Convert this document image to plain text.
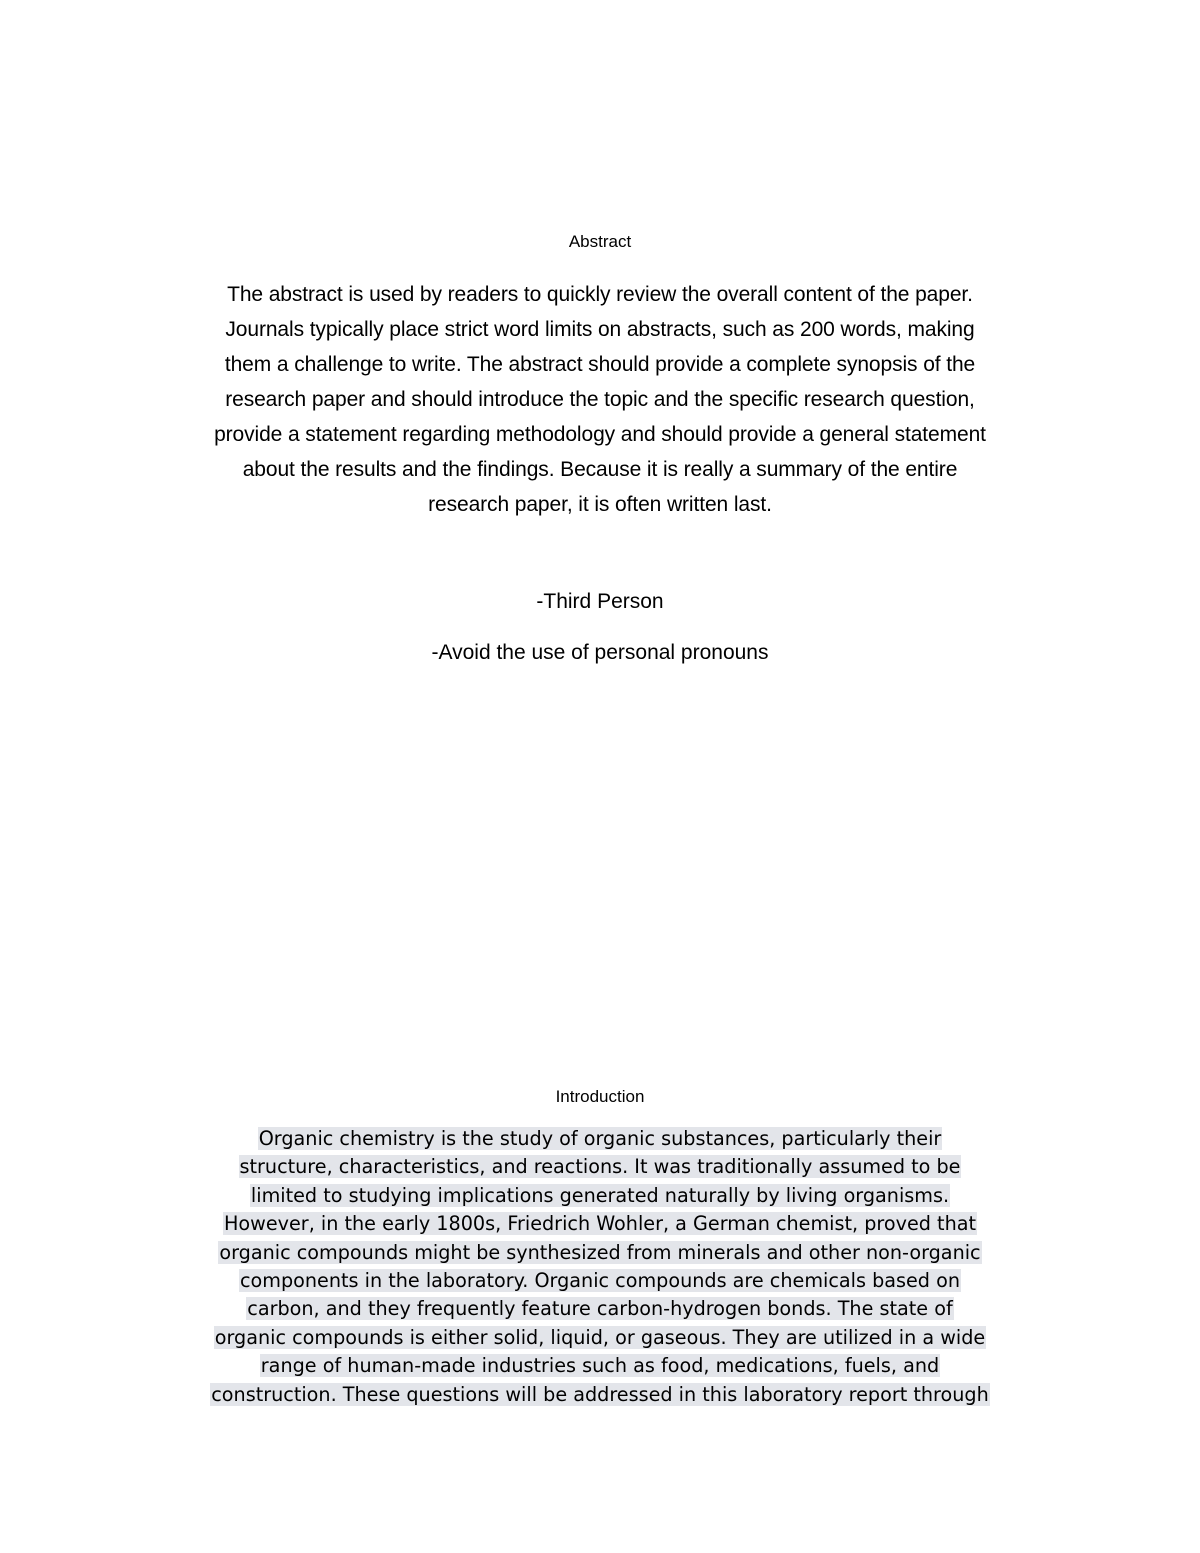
Abstract
The abstract is used by readers to quickly review the overall content of the paper.
Journals typically place strict word limits on abstracts, such as 200 words, making
them a challenge to write. The abstract should provide a complete synopsis of the
research paper and should introduce the topic and the specific research question,
provide a statement regarding methodology and should provide a general statement
about the results and the findings. Because it is really a summary of the entire
research paper, it is often written last.
-Third Person
-Avoid the use of personal pronouns
Introduction
Organic chemistry is the study of organic substances, particularly their
structure, characteristics, and reactions. It was traditionally assumed to be
limited to studying implications generated naturally by living organisms.
However, in the early 1800s, Friedrich Wohler, a German chemist, proved that
organic compounds might be synthesized from minerals and other non-organic
components in the laboratory. Organic compounds are chemicals based on
carbon, and they frequently feature carbon-hydrogen bonds. The state of
organic compounds is either solid, liquid, or gaseous. They are utilized in a wide
range of human-made industries such as food, medications, fuels, and
construction. These questions will be addressed in this laboratory report through
